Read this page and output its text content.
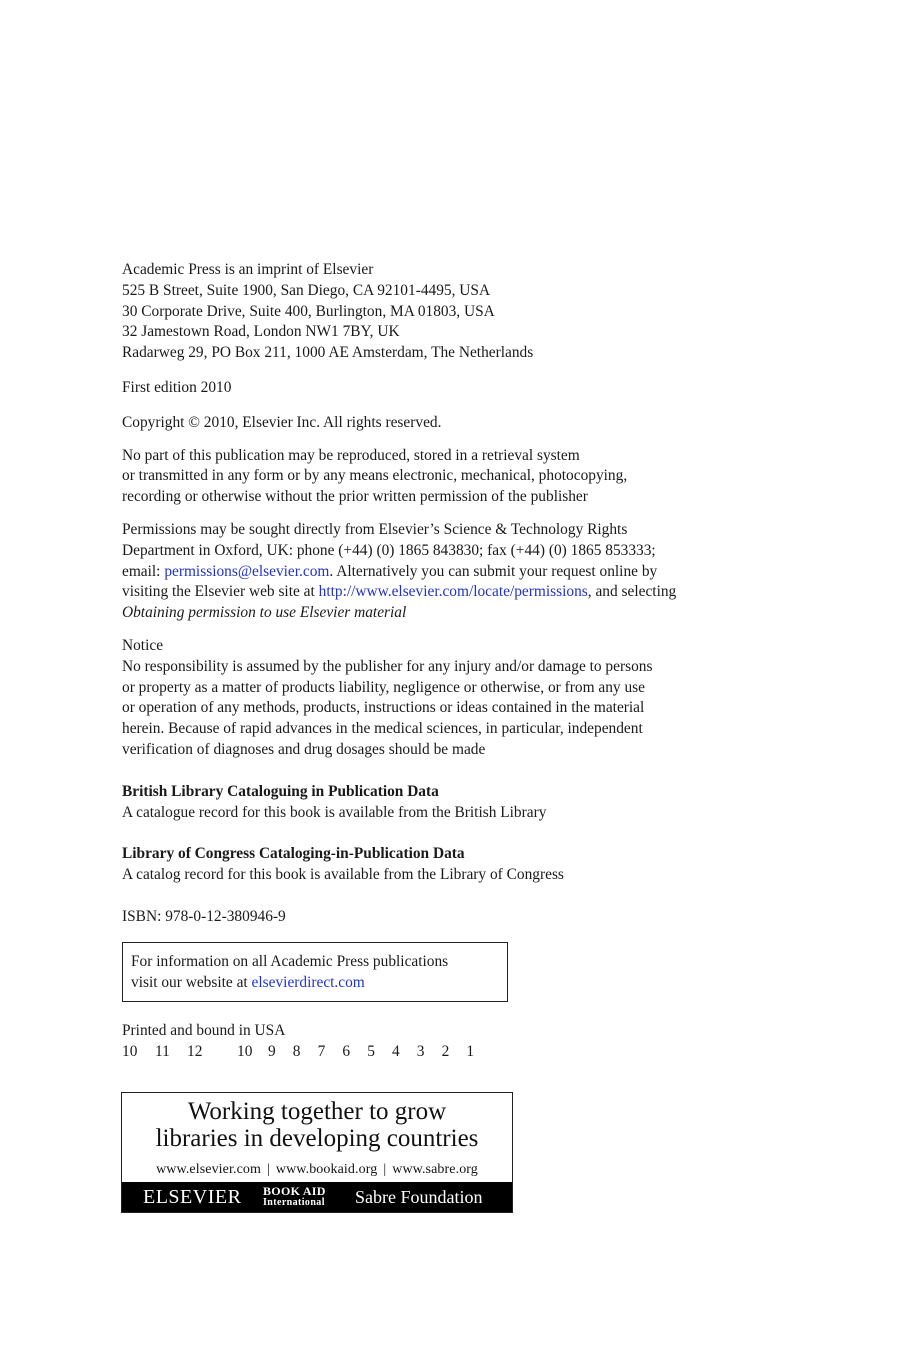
Academic Press is an imprint of Elsevier
525 B Street, Suite 1900, San Diego, CA 92101-4495, USA
30 Corporate Drive, Suite 400, Burlington, MA 01803, USA
32 Jamestown Road, London NW1 7BY, UK
Radarweg 29, PO Box 211, 1000 AE Amsterdam, The Netherlands
First edition 2010
Copyright © 2010, Elsevier Inc. All rights reserved.
No part of this publication may be reproduced, stored in a retrieval system
or transmitted in any form or by any means electronic, mechanical, photocopying,
recording or otherwise without the prior written permission of the publisher
Permissions may be sought directly from Elsevier’s Science & Technology Rights
Department in Oxford, UK: phone (+44) (0) 1865 843830; fax (+44) (0) 1865 853333;
email: permissions@elsevier.com. Alternatively you can submit your request online by
visiting the Elsevier web site at http://www.elsevier.com/locate/permissions, and selecting
Obtaining permission to use Elsevier material
Notice
No responsibility is assumed by the publisher for any injury and/or damage to persons
or property as a matter of products liability, negligence or otherwise, or from any use
or operation of any methods, products, instructions or ideas contained in the material
herein. Because of rapid advances in the medical sciences, in particular, independent
verification of diagnoses and drug dosages should be made
British Library Cataloguing in Publication Data
A catalogue record for this book is available from the British Library
Library of Congress Cataloging-in-Publication Data
A catalog record for this book is available from the Library of Congress
ISBN: 978-0-12-380946-9
For information on all Academic Press publications
visit our website at elsevierdirect.com
Printed and bound in USA
10 11 12 10 9 8 7 6 5 4 3 2 1
Working together to grow
libraries in developing countries
www.elsevier.com | www.bookaid.org | www.sabre.org
ELSEVIER	BOOK AID
International	Sabre Foundation
